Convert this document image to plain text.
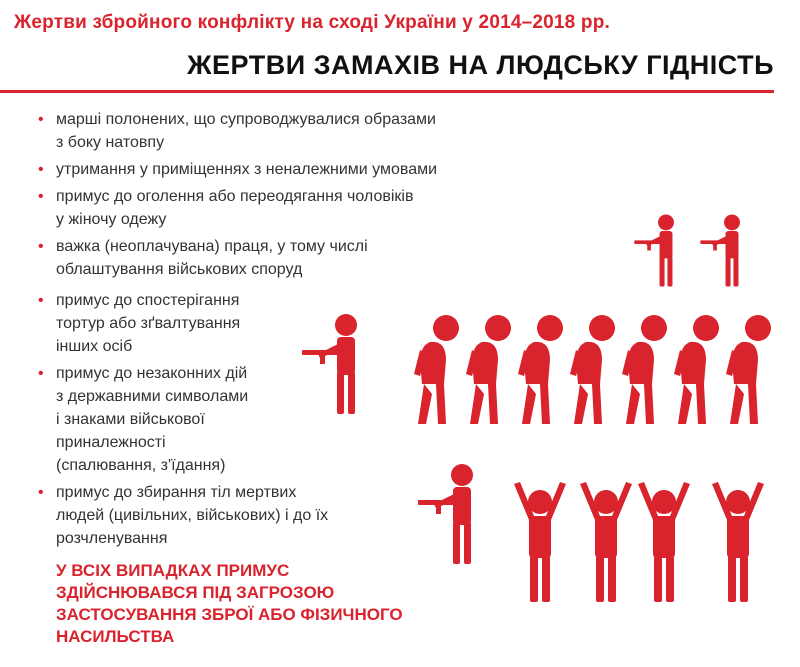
Жертви збройного конфлікту на сході України у 2014–2018 рр.
ЖЕРТВИ ЗАМАХІВ НА ЛЮДСЬКУ ГІДНІСТЬ
• марші полонених, що супроводжувалися образами
з боку натовпу
• утримання у приміщеннях з неналежними умовами
• примус до оголення або переодягання чоловіків
у жіночу одежу
• важка (неоплачувана) праця, у тому числі
облаштування військових споруд
• примус до спостерігання
тортур або зґвалтування
інших осіб
• примус до незаконних дій
з державними символами
і знаками військової
приналежності
(спалювання, з'їдання)
• примус до збирання тіл мертвих
людей (цивільних, військових) і до їх
розчленування
У ВСІХ ВИПАДКАХ ПРИМУС
ЗДІЙСНЮВАВСЯ ПІД ЗАГРОЗОЮ
ЗАСТОСУВАННЯ ЗБРОЇ АБО ФІЗИЧНОГО
НАСИЛЬСТВА
